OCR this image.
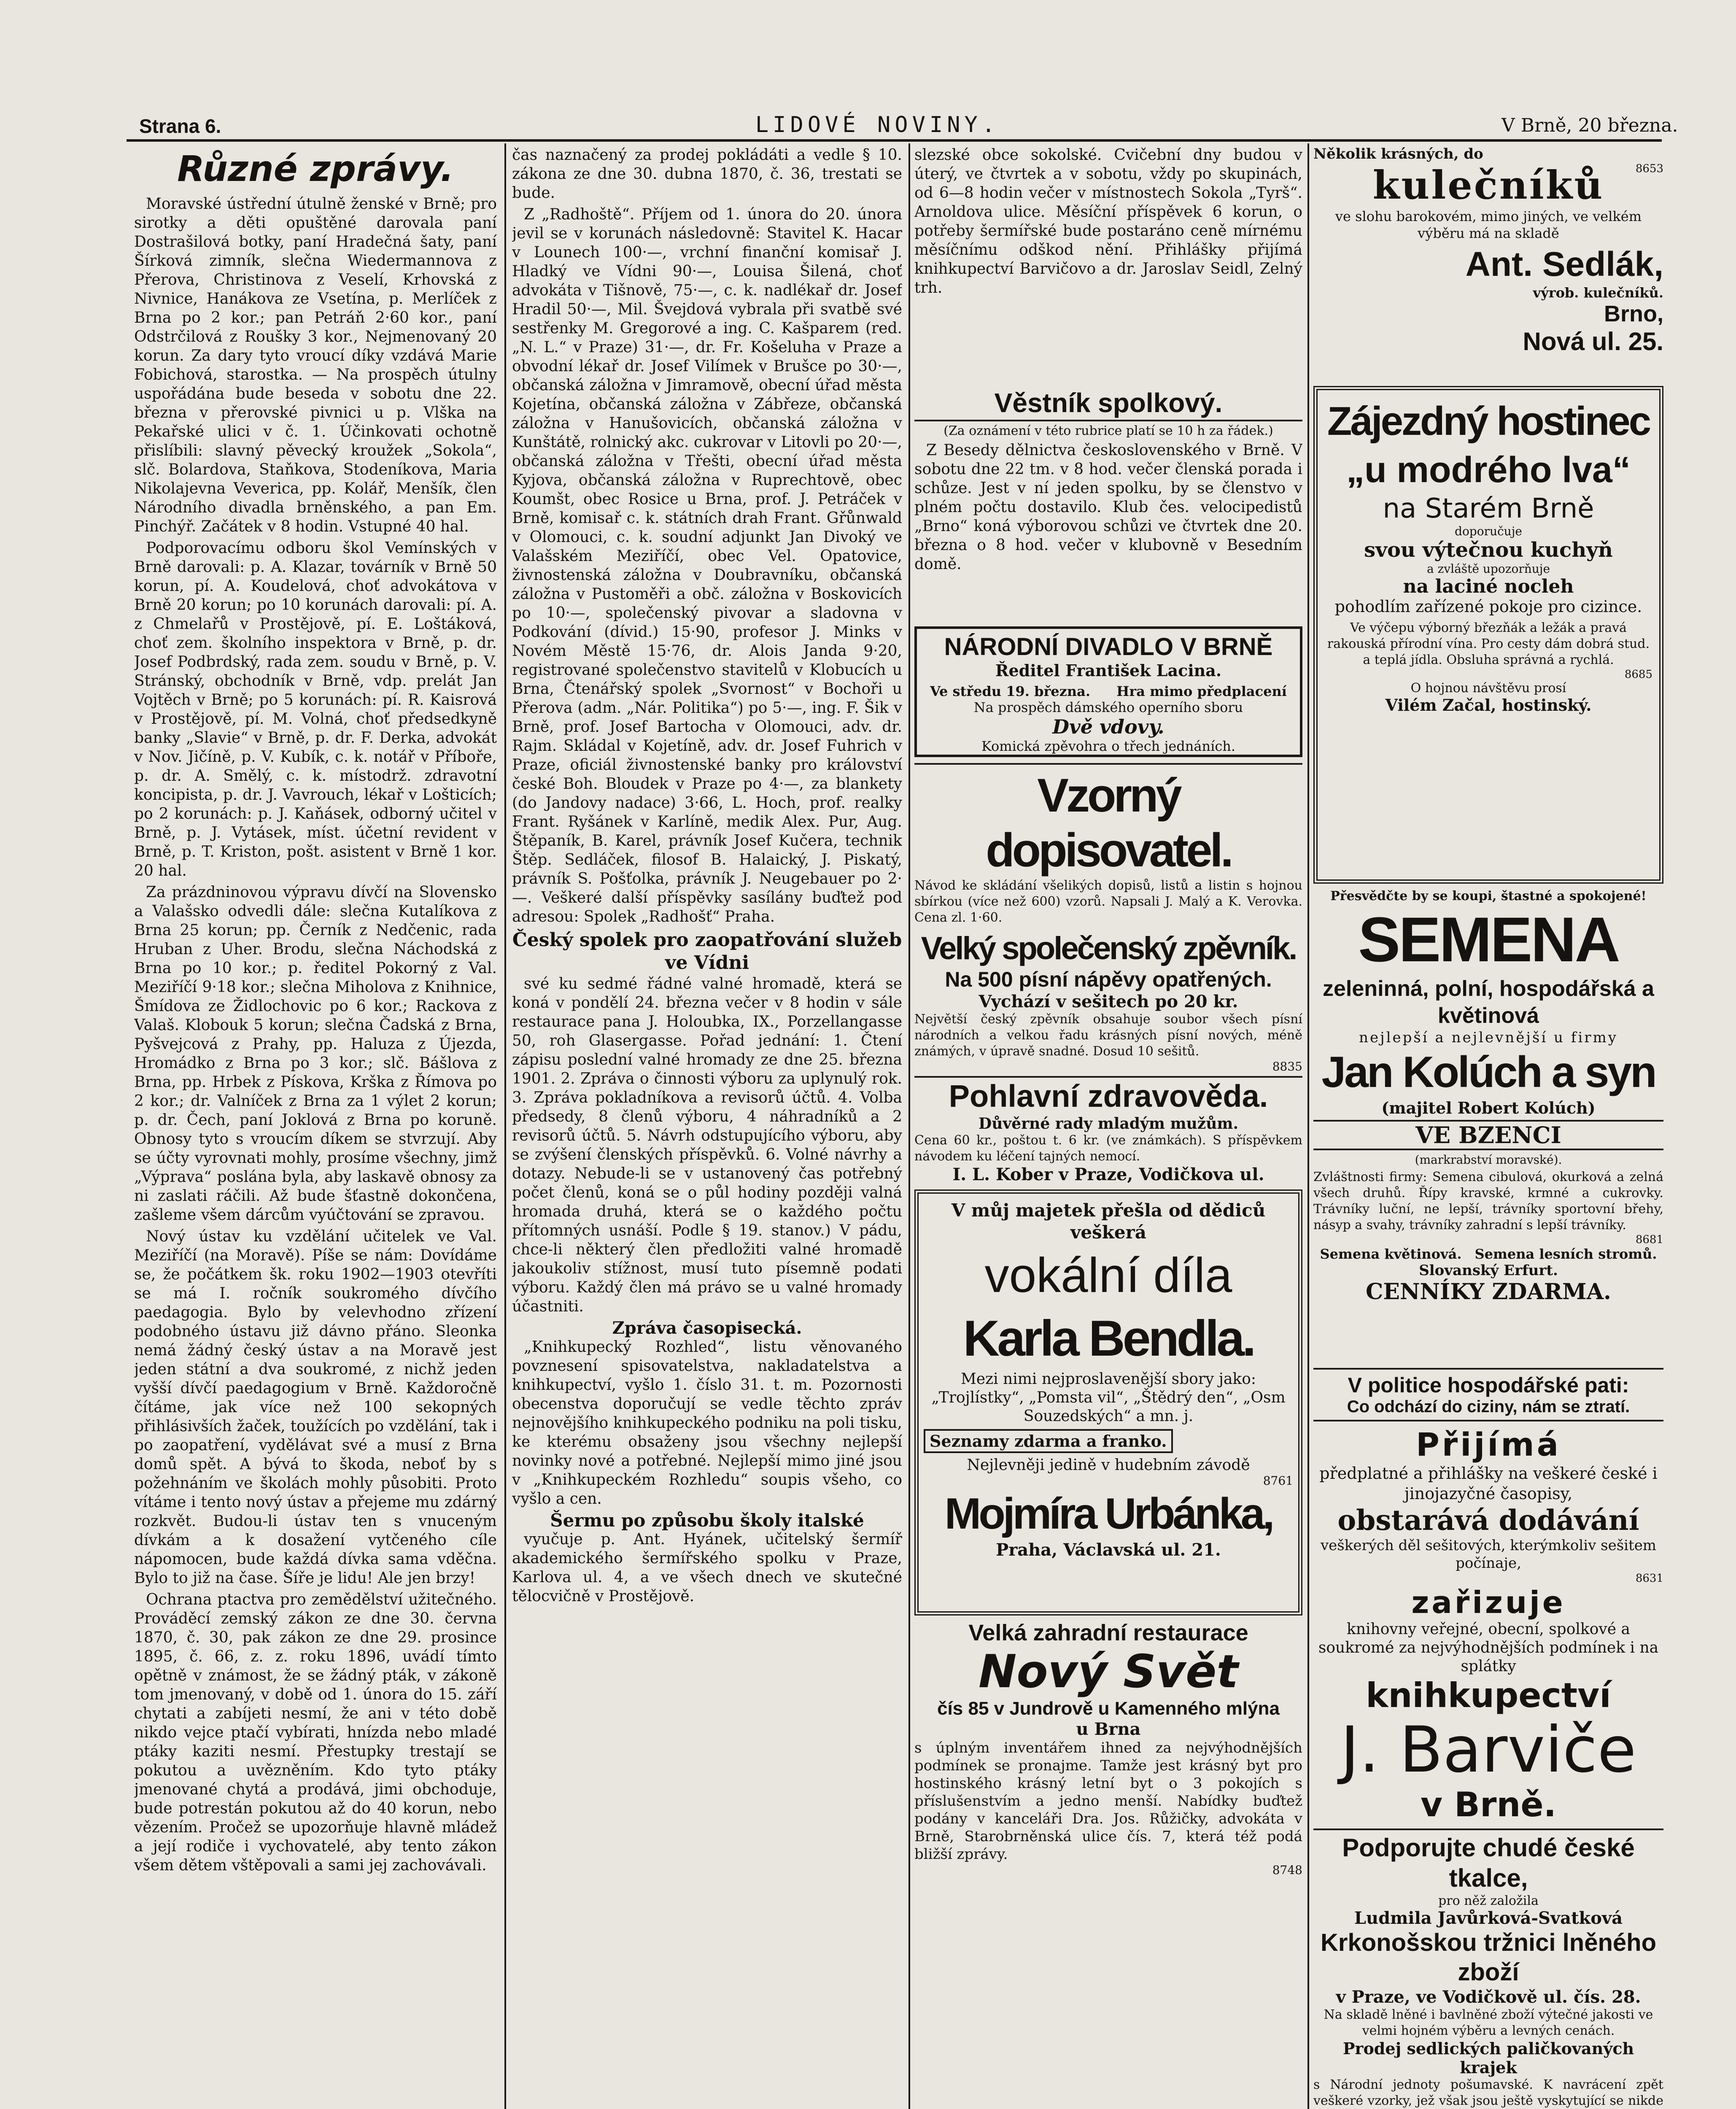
Strana 6.	LIDOVÉ NOVINY.	V Brně, 20 března.
Různé zprávy.

Moravské ústřední útulně ženské v Brně; pro sirotky a děti opuštěné darovala paní Dostrašilová botky, paní Hradečná šaty, paní Šírková zimník, slečna Wiedermannova z Přerova, Christinova z Veselí, Krhovská z Nivnice, Hanákova ze Vsetína, p. Merlíček z Brna po 2 kor.; pan Petráň 2·60 kor., paní Odstrčilová z Roušky 3 kor., Nejmenovaný 20 korun. Za dary tyto vroucí díky vzdává Marie Fobichová, starostka. — Na prospěch útulny uspořádána bude beseda v sobotu dne 22. března v přerovské pivnici u p. Vlška na Pekařské ulici v č. 1. Účinkovati ochotně přislíbili: slavný pěvecký kroužek „Sokola“, slč. Bolardova, Staňkova, Stodeníkova, Maria Nikolajevna Veverica, pp. Kolář, Menšík, člen Národního divadla brněnského, a pan Em. Pinchýř. Začátek v 8 hodin. Vstupné 40 hal.

Podporovacímu odboru škol Vemínských v Brně darovali: p. A. Klazar, továrník v Brně 50 korun, pí. A. Koudelová, choť advokátova v Brně 20 korun; po 10 korunách darovali: pí. A. z Chmelařů v Prostějově, pí. E. Loštáková, choť zem. školního inspektora v Brně, p. dr. Josef Podbrdský, rada zem. soudu v Brně, p. V. Stránský, obchodník v Brně, vdp. prelát Jan Vojtěch v Brně; po 5 korunách: pí. R. Kaisrová v Prostějově, pí. M. Volná, choť předsedkyně banky „Slavie“ v Brně, p. dr. F. Derka, advokát v Nov. Jičíně, p. V. Kubík, c. k. notář v Příboře, p. dr. A. Smělý, c. k. místodrž. zdravotní koncipista, p. dr. J. Vavrouch, lékař v Lošticích; po 2 korunách: p. J. Kaňásek, odborný učitel v Brně, p. J. Vytásek, míst. účetní revident v Brně, p. T. Kriston, pošt. asistent v Brně 1 kor. 20 hal.

Za prázdninovou výpravu dívčí na Slovensko a Valašsko odvedli dále: slečna Kutalíkova z Brna 25 korun; pp. Černík z Nedčenic, rada Hruban z Uher. Brodu, slečna Náchodská z Brna po 10 kor.; p. ředitel Pokorný z Val. Meziříčí 9·18 kor.; slečna Miholova z Knihnice, Šmídova ze Židlochovic po 6 kor.; Rackova z Valaš. Klobouk 5 korun; slečna Čadská z Brna, Pyšvejcová z Prahy, pp. Haluza z Újezda, Hromádko z Brna po 3 kor.; slč. Bášlova z Brna, pp. Hrbek z Pískova, Krška z Římova po 2 kor.; dr. Valníček z Brna za 1 výlet 2 korun; p. dr. Čech, paní Joklová z Brna po koruně. Obnosy tyto s vroucím díkem se stvrzují. Aby se účty vyrovnati mohly, prosíme všechny, jimž „Výprava“ poslána byla, aby laskavě obnosy za ni zaslati ráčili. Až bude šťastně dokončena, zašleme všem dárcům vyúčtování se zpravou.

Nový ústav ku vzdělání učitelek ve Val. Meziříčí (na Moravě). Píše se nám: Dovídáme se, že počátkem šk. roku 1902—1903 otevříti se má I. ročník soukromého dívčího paedagogia. Bylo by velevhodno zřízení podobného ústavu již dávno přáno. Sleonka nemá žádný český ústav a na Moravě jest jeden státní a dva soukromé, z nichž jeden vyšší dívčí paedagogium v Brně. Každoročně čítáme, jak více než 100 sekopných přihlásivších žaček, toužících po vzdělání, tak i po zaopatření, vydělávat své a musí z Brna domů spět. A bývá to škoda, neboť by s požehnáním ve školách mohly působiti. Proto vítáme i tento nový ústav a přejeme mu zdárný rozkvět. Budou-li ústav ten s vnuceným dívkám a k dosažení vytčeného cíle nápomocen, bude každá dívka sama vděčna. Bylo to již na čase. Šíře je lidu! Ale jen brzy!

Ochrana ptactva pro zemědělství užitečného. Prováděcí zemský zákon ze dne 30. června 1870, č. 30, pak zákon ze dne 29. prosince 1895, č. 66, z. z. roku 1896, uvádí tímto opětně v známost, že se žádný pták, v zákoně tom jmenovaný, v době od 1. února do 15. září chytati a zabíjeti nesmí, že ani v této době nikdo vejce ptačí vybírati, hnízda nebo mladé ptáky kaziti nesmí. Přestupky trestají se pokutou a uvězněním. Kdo tyto ptáky jmenované chytá a prodává, jimi obchoduje, bude potrestán pokutou až do 40 korun, nebo vězením. Pročež se upozorňuje hlavně mládež a její rodiče i vychovatelé, aby tento zákon všem dětem vštěpovali a sami jej zachovávali.

čas naznačený za prodej pokládáti a vedle § 10. zákona ze dne 30. dubna 1870, č. 36, trestati se bude.

Z „Radhoště“. Příjem od 1. února do 20. února jevil se v korunách následovně: Stavitel K. Hacar v Lounech 100·—, vrchní finanční komisař J. Hladký ve Vídni 90·—, Louisa Šilená, choť advokáta v Tišnově, 75·—, c. k. nadlékař dr. Josef Hradil 50·—, Mil. Švejdová vybrala při svatbě své sestřenky M. Gregorové a ing. C. Kašparem (red. „N. L.“ v Praze) 31·—, dr. Fr. Košeluha v Praze a obvodní lékař dr. Josef Vilímek v Brušce po 30·—, občanská záložna v Jimramově, obecní úřad města Kojetína, občanská záložna v Zábřeze, občanská záložna v Hanušovicích, občanská záložna v Kunštátě, rolnický akc. cukrovar v Litovli po 20·—, občanská záložna v Třešti, obecní úřad města Kyjova, občanská záložna v Ruprechtově, obec Koumšt, obec Rosice u Brna, prof. J. Petráček v Brně, komisař c. k. státních drah Frant. Gřůnwald v Olomouci, c. k. soudní adjunkt Jan Divoký ve Valašském Meziříčí, obec Vel. Opatovice, živnostenská záložna v Doubravníku, občanská záložna v Pustoměři a obč. záložna v Boskovicích po 10·—, společenský pivovar a sladovna v Podkování (dívid.) 15·90, profesor J. Minks v Novém Městě 15·76, dr. Alois Janda 9·20, registrované společenstvo stavitelů v Klobucích u Brna, Čtenářský spolek „Svornost“ v Bochoři u Přerova (adm. „Nár. Politika“) po 5·—, ing. F. Šik v Brně, prof. Josef Bartocha v Olomouci, adv. dr. Rajm. Skládal v Kojetíně, adv. dr. Josef Fuhrich v Praze, oficiál živnostenské banky pro království české Boh. Bloudek v Praze po 4·—, za blankety (do Jandovy nadace) 3·66, L. Hoch, prof. realky Frant. Ryšánek v Karlíně, medik Alex. Pur, Aug. Štěpaník, B. Karel, právník Josef Kučera, technik Štěp. Sedláček, filosof B. Halaický, J. Piskatý, právník S. Pošťolka, právník J. Neugebauer po 2·—. Veškeré další příspěvky sasílány buďtež pod adresou: Spolek „Radhošť“ Praha.

Český spolek pro zaopatřování služeb ve Vídni

své ku sedmé řádné valné hromadě, která se koná v pondělí 24. března večer v 8 hodin v sále restaurace pana J. Holoubka, IX., Porzellangasse 50, roh Glasergasse. Pořad jednání: 1. Čtení zápisu poslední valné hromady ze dne 25. března 1901. 2. Zpráva o činnosti výboru za uplynulý rok. 3. Zpráva pokladníkova a revisorů účtů. 4. Volba předsedy, 8 členů výboru, 4 náhradníků a 2 revisorů účtů. 5. Návrh odstupujícího výboru, aby se zvýšení členských příspěvků. 6. Volné návrhy a dotazy. Nebude-li se v ustanovený čas potřebný počet členů, koná se o půl hodiny později valná hromada druhá, která se o každého počtu přítomných usnáší. Podle § 19. stanov.) V pádu, chce-li některý člen předložiti valné hromadě jakoukoliv stížnost, musí tuto písemně podati výboru. Každý člen má právo se u valné hromady účastniti.

Zpráva časopisecká.

„Knihkupecký Rozhled“, listu věnovaného povznesení spisovatelstva, nakladatelstva a knihkupectví, vyšlo 1. číslo 31. t. m. Pozornosti obecenstva doporučují se vedle těchto zpráv nejnovějšího knihkupeckého podniku na poli tisku, ke kterému obsaženy jsou všechny nejlepší novinky nové a potřebné. Nejlepší mimo jiné jsou v „Knihkupeckém Rozhledu“ soupis všeho, co vyšlo a cen.

Šermu po způsobu školy italské

vyučuje p. Ant. Hyánek, učitelský šermíř akademického šermířského spolku v Praze, Karlova ul. 4, a ve všech dnech ve skutečné tělocvičně v Prostějově.

slezské obce sokolské. Cvičební dny budou v úterý, ve čtvrtek a v sobotu, vždy po skupinách, od 6—8 hodin večer v místnostech Sokola „Tyrš“. Arnoldova ulice. Měsíční příspěvek 6 korun, o potřeby šermířské bude postaráno ceně mírnému měsíčnímu odškod nění. Přihlášky přijímá knihkupectví Barvičovo a dr. Jaroslav Seidl, Zelný trh.

Věstník spolkový.
(Za oznámení v této rubrice platí se 10 h za řádek.)

Z Besedy dělnictva československého v Brně. V sobotu dne 22 tm. v 8 hod. večer členská porada i schůze. Jest v ní jeden spolku, by se členstvo v plném počtu dostavilo. Klub čes. velocipedistů „Brno“ koná výborovou schůzi ve čtvrtek dne 20. března o 8 hod. večer v klubovně v Besedním domě.

NÁRODNÍ DIVADLO V BRNĚ
Ředitel František Lacina.
Ve středu 19. března. Hra mimo předplacení
Na prospěch dámského operního sboru
Dvě vdovy.
Komická zpěvohra o třech jednáních.
Vzorný dopisovatel.
Návod ke skládání všelikých dopisů, listů a listin s hojnou sbírkou (více než 600) vzorů. Napsali J. Malý a K. Verovka. Cena zl. 1·60.
Velký společenský zpěvník.
Na 500 písní nápěvy opatřených.
Vychází v sešitech po 20 kr.
Největší český zpěvník obsahuje soubor všech písní národních a velkou řadu krásných písní nových, méně známých, v úpravě snadné. Dosud 10 sešitů.
8835
Pohlavní zdravověda.
Důvěrné rady mladým mužům.
Cena 60 kr., poštou t. 6 kr. (ve známkách). S příspěvkem návodem ku léčení tajných nemocí.
I. L. Kober v Praze, Vodičkova ul.
V můj majetek přešla od dědiců veškerá
vokální díla
Karla Bendla.
Mezi nimi nejproslavenější sbory jako: „Trojlístky“, „Pomsta vil“, „Štědrý den“, „Osm Souzedských“ a mn. j.
Seznamy zdarma a franko.
Nejlevněji jedině v hudebním závodě
8761
Mojmíra Urbánka,
Praha, Václavská ul. 21.
Velká zahradní restaurace
Nový Svět
čís 85 v Jundrově u Kamenného mlýna
u Brna
s úplným inventářem ihned za nejvýhodnějších podmínek se pronajme. Tamže jest krásný byt pro hostinského krásný letní byt o 3 pokojích s příslušenstvím a jedno menší. Nabídky buďtež podány v kanceláři Dra. Jos. Růžičky, advokáta v Brně, Starobrněnská ulice čís. 7, která též podá bližší zprávy.
8748
Několik krásných, do
8653
kulečníků
ve slohu barokovém, mimo jiných, ve velkém výběru má na skladě
Ant. Sedlák,
výrob. kulečníků.
Brno,
Nová ul. 25.
Zájezdný hostinec
„u modrého lva“
na Starém Brně
doporučuje
svou výtečnou kuchyň
a zvláště upozorňuje
na laciné nocleh
pohodlím zařízené pokoje pro cizince.
Ve výčepu výborný březňák a ležák a pravá rakouská přírodní vína. Pro cesty dám dobrá stud. a teplá jídla. Obsluha správná a rychlá.
8685
O hojnou návštěvu prosí
Vilém Začal, hostinský.
Přesvědčte by se koupi, štastné a spokojené!
SEMENA
zeleninná, polní, hospodářská a květinová
nejlepší a nejlevnější u firmy
Jan Kolúch a syn
(majitel Robert Kolúch)
VE BZENCI
(markrabství moravské).
Zvláštnosti firmy: Semena cibulová, okurková a zelná všech druhů. Řípy kravské, krmné a cukrovky. Trávníky luční, ne lepší, trávníky sportovní břehy, násyp a svahy, trávníky zahradní s lepší trávníky.
8681
Semena květinová. Semena lesních stromů.
Slovanský Erfurt.
CENNÍKY ZDARMA.
V politice hospodářské pati:
Co odchází do ciziny, nám se ztratí.
Přijímá
předplatné a přihlášky na veškeré české i jinojazyčné časopisy,
obstarává dodávání
veškerých děl sešitových, kterýmkoliv sešitem počínaje,
8631
zařizuje
knihovny veřejné, obecní, spolkové a soukromé za nejvýhodnějších podmínek i na splátky
knihkupectví
J. Barviče
v Brně.
Podporujte chudé české tkalce,
pro něž založila
Ludmila Javůrková-Svatková
Krkonošskou tržnici lněného zboží
v Praze, ve Vodičkově ul. čís. 28.
Na skladě lněné i bavlněné zboží výtečné jakosti ve velmi hojném výběru a levných cenách.
Prodej sedlických paličkovaných krajek
s Národní jednoty pošumavské. K navrácení zpět veškeré vzorky, jež však jsou ještě vyskytující se nikde
